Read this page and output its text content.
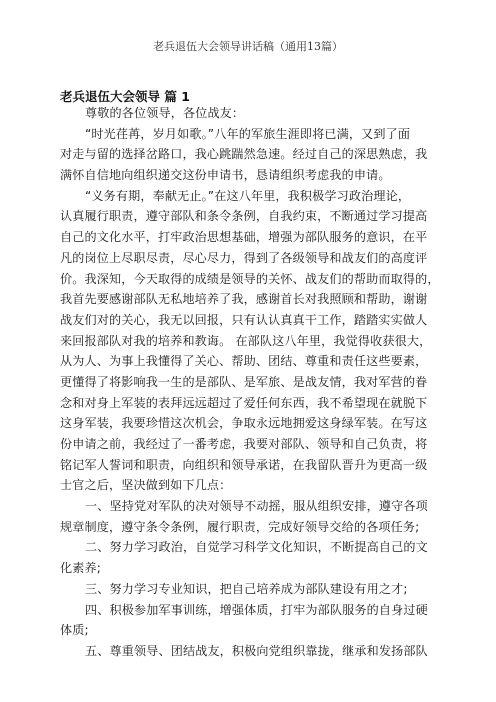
老兵退伍大会领导讲话稿（通用13篇）
老兵退伍大会领导 篇 1
尊敬的各位领导，各位战友：
“时光荏苒，岁月如歌。”八年的军旅生涯即将已满，又到了面
对走与留的选择岔路口，我心跳踹然急速。经过自己的深思熟虑，我
满怀自信地向组织递交这份申请书，恳请组织考虑我的申请。
“义务有期，奉献无止。”在这八年里，我积极学习政治理论，
认真履行职责，遵守部队和条令条例，自我约束，不断通过学习提高
自己的文化水平，打牢政治思想基础，增强为部队服务的意识，在平
凡的岗位上尽职尽责，尽心尽力，得到了各级领导和战友们的高度评
价。我深知，今天取得的成绩是领导的关怀、战友们的帮助而取得的，
我首先要感谢部队无私地培养了我，感谢首长对我照顾和帮助，谢谢
战友们对的关心，我无以回报，只有认认真真干工作，踏踏实实做人
来回报部队对我的培养和教诲。 在部队这八年里，我觉得收获很大，
从为人、为事上我懂得了关心、帮助、团结、尊重和责任这些要素，
更懂得了将影响我一生的是部队、是军旅、是战友情，我对军营的眷
念和对身上军装的表拜远远超过了爱任何东西，我不希望现在就脱下
这身军装，我要珍惜这次机会，争取永远地拥爱这身绿军装。在写这
份申请之前，我经过了一番考虑，我要对部队、领导和自己负责，将
铭记军人誓词和职责，向组织和领导承诺，在我留队晋升为更高一级
士官之后，坚决做到如下几点：
一、坚持党对军队的决对领导不动摇，服从组织安排，遵守各项
规章制度，遵守条令条例，履行职责，完成好领导交给的各项任务;
二、努力学习政治，自觉学习科学文化知识，不断提高自己的文
化素养;
三、努力学习专业知识，把自己培养成为部队建设有用之才;
四、积极参加军事训练，增强体质，打牢为部队服务的自身过硬
体质;
五、尊重领导、团结战友，积极向党组织靠拢，继承和发扬部队
